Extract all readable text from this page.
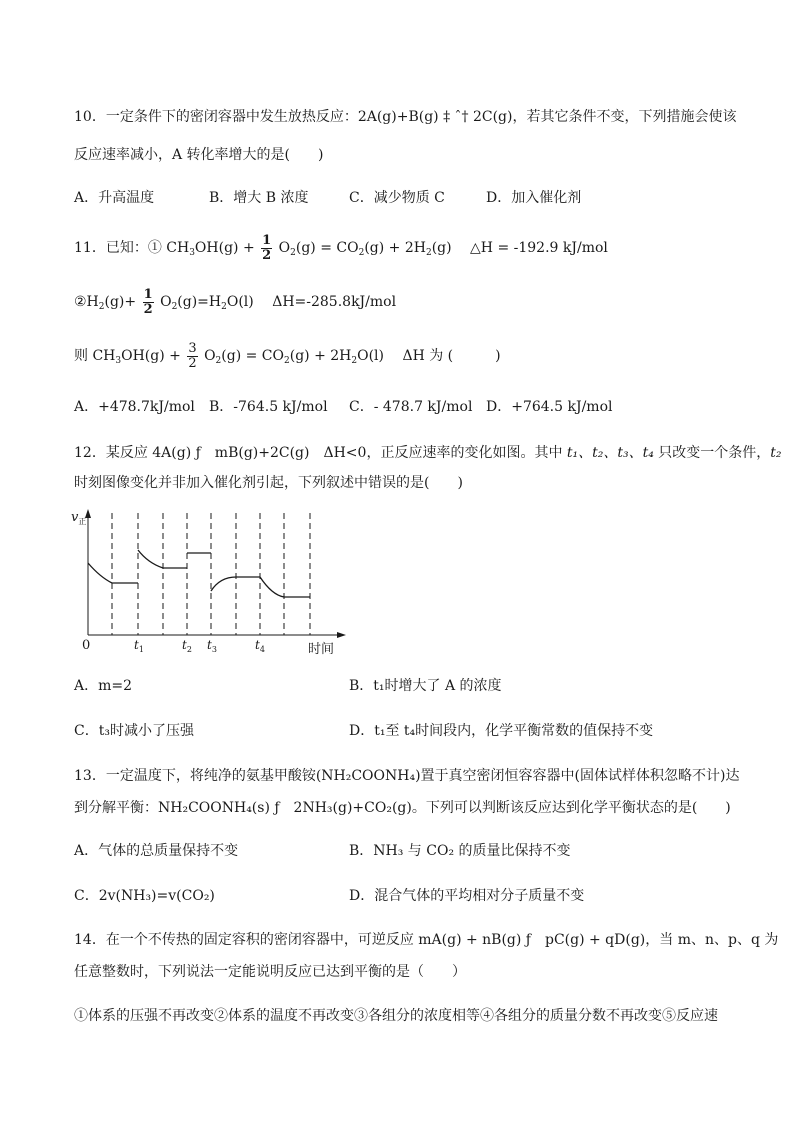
10．一定条件下的密闭容器中发生放热反应：2A(g)+B(g) ‡ ˆ† 2C(g)，若其它条件不变，下列措施会使该
反应速率减小，A 转化率增大的是(　　)
A．升高温度	B．增大 B 浓度	C．减少物质 C	D．加入催化剂
11．已知：① $CH_3OH(g) + \frac{1}{2} O_2(g) = CO_2(g) + 2H_2(g)$　 △H = -192.9 kJ/mol
$②H_2(g)+ \frac{1}{2} O_2(g)=H_2O(l)$　 ΔH=-285.8kJ/mol
则 $CH_3OH(g) + \frac{3}{2} O_2(g) = CO_2(g) + 2H_2O(l)$　 ΔH 为 (　　　)
A．+478.7kJ/mol B．-764.5 kJ/mol C．- 478.7 kJ/mol D．+764.5 kJ/mol
12．某反应 4A(g) ƒ　mB(g)+2C(g)　ΔH<0，正反应速率的变化如图。其中 t₁、t₂、t₃、t₄ 只改变一个条件，t₂
时刻图像变化并非加入催化剂引起，下列叙述中错误的是(　　)
$v_正$
0	$t_1$	$t_2$ $t_3$	$t_4$	时间
A．m=2	B．t₁时增大了 A 的浓度
C．t₃时减小了压强	D．t₁至 t₄时间段内，化学平衡常数的值保持不变
13．一定温度下，将纯净的氨基甲酸铵(NH₂COONH₄)置于真空密闭恒容容器中(固体试样体积忽略不计)达
到分解平衡：NH₂COONH₄(s) ƒ　2NH₃(g)+CO₂(g)。下列可以判断该反应达到化学平衡状态的是(　　)
A．气体的总质量保持不变	B．NH₃ 与 CO₂ 的质量比保持不变
C．2v(NH₃)=v(CO₂)	D．混合气体的平均相对分子质量不变
14．在一个不传热的固定容积的密闭容器中，可逆反应 mA(g) + nB(g) ƒ　pC(g) + qD(g)，当 m、n、p、q 为
任意整数时，下列说法一定能说明反应已达到平衡的是（　　）
①体系的压强不再改变②体系的温度不再改变③各组分的浓度相等④各组分的质量分数不再改变⑤反应速
